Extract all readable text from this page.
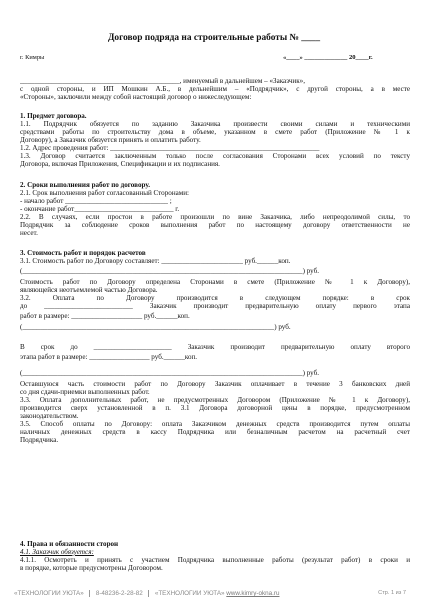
Договор подряда на строительные работы № ____
г. Кимры	«____» _____________ 20____г.
_____________________________________________, именуемый в дальнейшем – «Заказчик»,
с одной стороны, и ИП Мошкин А.Б., в дельнейшим – «Подрядчик», с другой стороны, а в месте
«Стороны», заключили между собой настоящий договор о нижеследующем:
1. Предмет договора.
1.1. Подрядчик обязуется по заданию Заказчика произвести своими силами и техническими
средствами работы по строительству дома в объеме, указанном в смете работ (Приложение № 1 к
Договору), а Заказчик обязуется принять и оплатить работу.
1.2. Адрес проведения работ: ___________________________________________________________
1.3. Договор считается заключенным только после согласования Сторонами всех условий по тексту
Договора, включая Приложения, Спецификации и их подписания.
2. Сроки выполнения работ по договору.
2.1. Срок выполнения работ согласованный Сторонами:
- начало работ _____________________________ ;
- окончание работ____________________________ г.
2.2. В случаях, если простои в работе произошли по вине Заказчика, либо непреодолимой силы, то
Подрядчик за соблюдение сроков выполнения работ по настоящему договору ответственности не
несет.
3. Стоимость работ и порядок расчетов
3.1. Стоимость работ по Договору составляет: _______________________ руб.______коп.
(_______________________________________________________________________________) руб.
Стоимость работ по Договору определена Сторонами в смете (Приложение № 1 к Договору),
являющейся неотъемлемой частью Договора.
3.2. Оплата по Договору производится в следующем порядке: в срок
до _________________________ Заказчик производит предварительную оплату первого этапа
работ в размере: ____________________ руб.______коп.
(_______________________________________________________________________) руб.
В срок до ______________________ Заказчик производит предварительную оплату второго
этапа работ в размере: _________________ руб.______коп.
(_______________________________________________________________________________) руб.
Оставшуюся часть стоимости работ по Договору Заказчик оплачивает в течение 3 банковских дней
со дня сдачи-приемки выполненных работ.
3.3. Оплата дополнительных работ, не предусмотренных Договором (Приложение № 1 к Договору),
производится сверх установленной в п. 3.1 Договора договорной цены в порядке, предусмотренном
законодательством.
3.5. Способ оплаты по Договору: оплата Заказчиком денежных средств производится путем оплаты
наличных денежных средств в кассу Подрядчика или безналичным расчетом на расчетный счет
Подрядчика.
4. Права и обязанности сторон
4.1. Заказчик обязуется:
4.1.1. Осмотреть и принять с участием Подрядчика выполненные работы (результат работ) в сроки и
в порядке, которые предусмотрены Договором.
«ТЕХНОЛОГИИ УЮТА» 8-48236-2-28-82 «ТЕХНОЛОГИИ УЮТА» www.kimry-okna.ru	Стр. 1 из 7
